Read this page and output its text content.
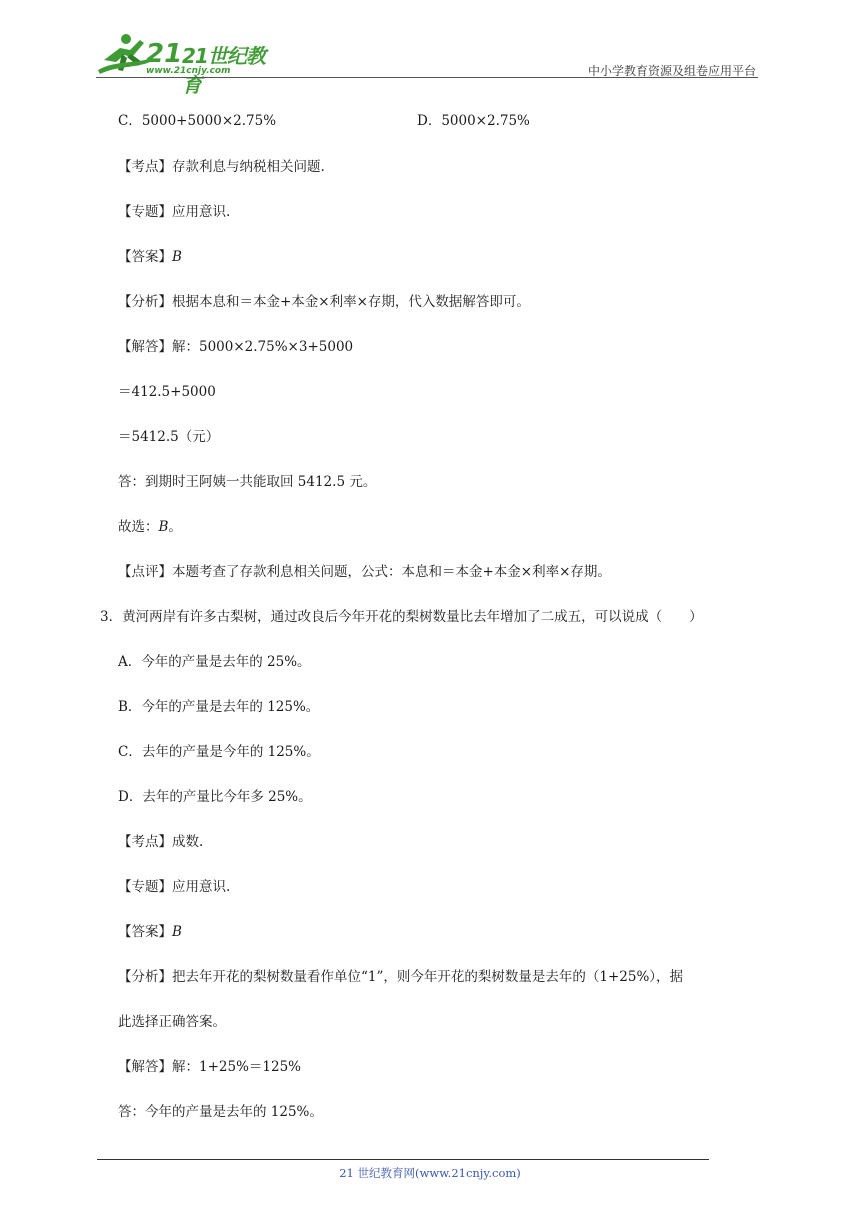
21 21世纪教育
www.21cnjy.com	中小学教育资源及组卷应用平台
C．5000+5000×2.75%	D．5000×2.75%
【考点】存款利息与纳税相关问题.
【专题】应用意识.
【答案】B
【分析】根据本息和＝本金+本金×利率×存期，代入数据解答即可。
【解答】解：5000×2.75%×3+5000
＝412.5+5000
＝5412.5（元）
答：到期时王阿姨一共能取回 5412.5 元。
故选：B。
【点评】本题考查了存款利息相关问题，公式：本息和＝本金+本金×利率×存期。
3．黄河两岸有许多古梨树，通过改良后今年开花的梨树数量比去年增加了二成五，可以说成（　　）
A．今年的产量是去年的 25%。
B．今年的产量是去年的 125%。
C．去年的产量是今年的 125%。
D．去年的产量比今年多 25%。
【考点】成数.
【专题】应用意识.
【答案】B
【分析】把去年开花的梨树数量看作单位“1”，则今年开花的梨树数量是去年的（1+25%），据
此选择正确答案。
【解答】解：1+25%＝125%
答：今年的产量是去年的 125%。
21 世纪教育网(www.21cnjy.com)
